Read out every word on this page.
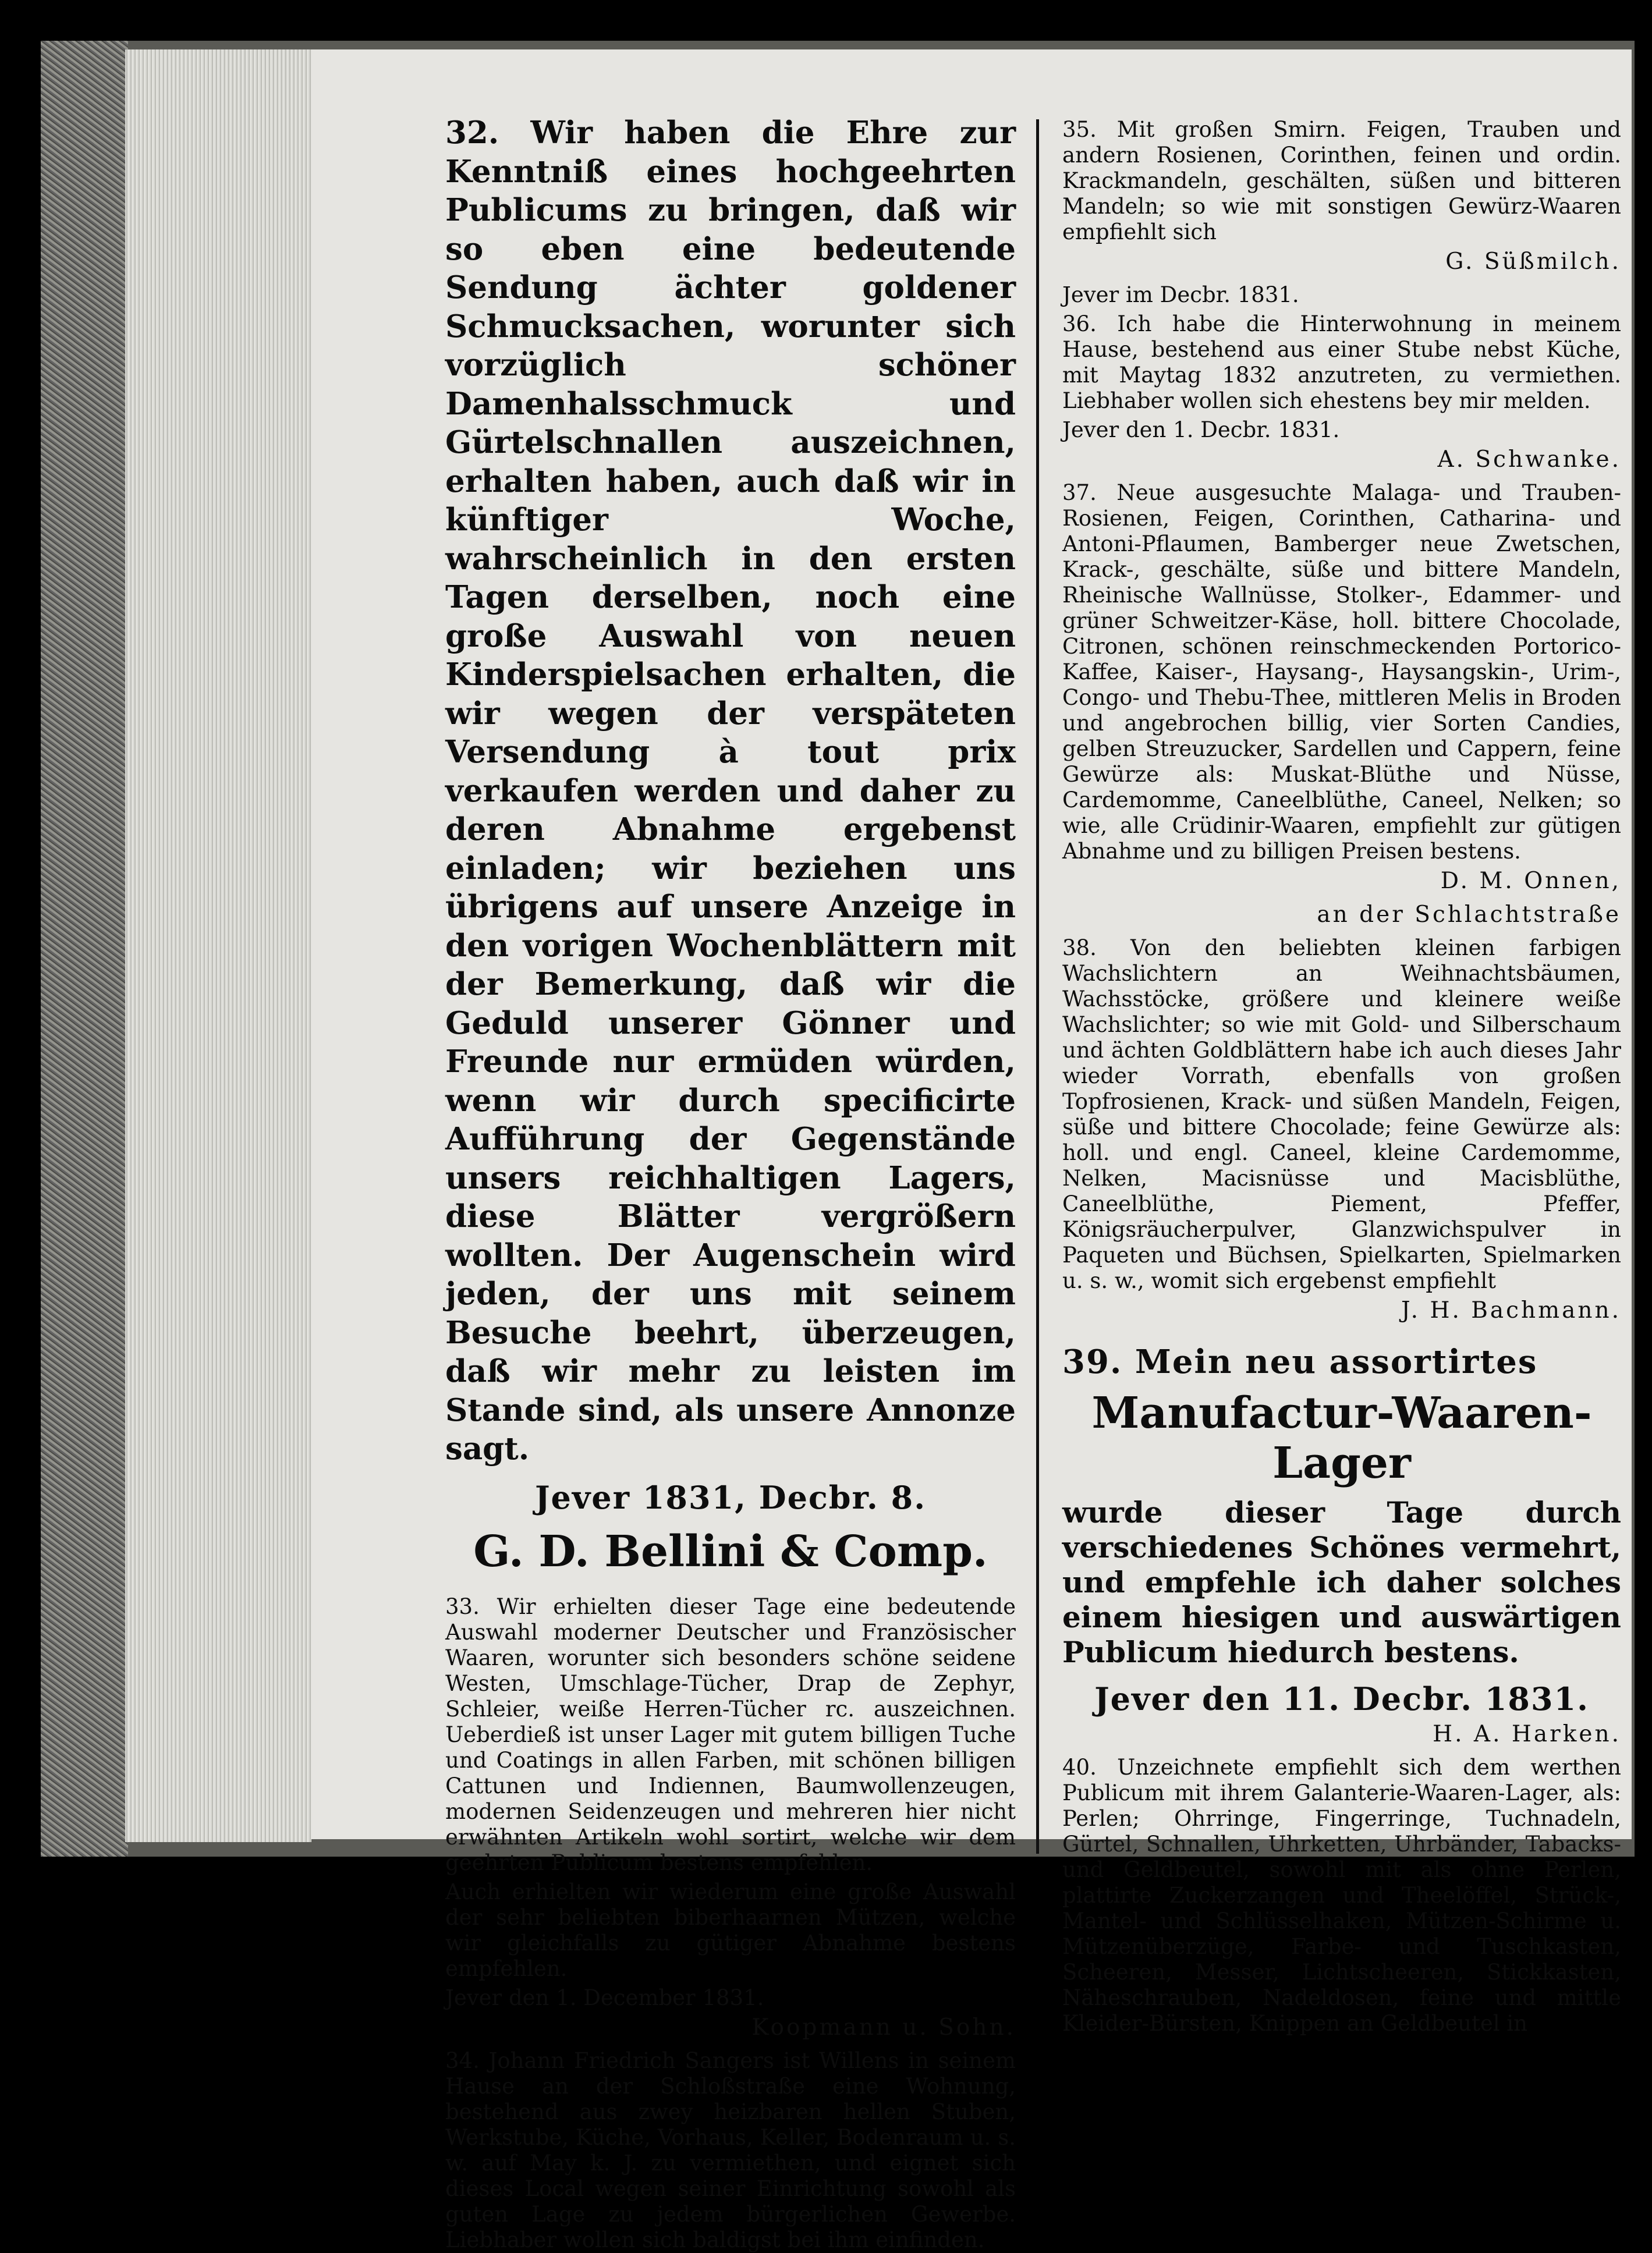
32. Wir haben die Ehre zur Kenntniß eines hochgeehrten Publicums zu bringen, daß wir so eben eine bedeutende Sendung ächter goldener Schmucksachen, worunter sich vorzüglich schöner Damenhalsschmuck und Gürtelschnallen auszeichnen, erhalten haben, auch daß wir in künftiger Woche, wahrscheinlich in den ersten Tagen derselben, noch eine große Auswahl von neuen Kinderspielsachen erhalten, die wir wegen der verspäteten Versendung à tout prix verkaufen werden und daher zu deren Abnahme ergebenst einladen; wir beziehen uns übrigens auf unsere Anzeige in den vorigen Wochenblättern mit der Bemerkung, daß wir die Geduld unserer Gönner und Freunde nur ermüden würden, wenn wir durch specificirte Aufführung der Gegenstände unsers reichhaltigen Lagers, diese Blätter vergrößern wollten. Der Augenschein wird jeden, der uns mit seinem Besuche beehrt, überzeugen, daß wir mehr zu leisten im Stande sind, als unsere Annonze sagt.

Jever 1831, Decbr. 8.

G. D. Bellini & Comp.

33. Wir erhielten dieser Tage eine bedeutende Auswahl moderner Deutscher und Französischer Waaren, worunter sich besonders schöne seidene Westen, Umschlage-Tücher, Drap de Zephyr, Schleier, weiße Herren-Tücher rc. auszeichnen. Ueberdieß ist unser Lager mit gutem billigen Tuche und Coatings in allen Farben, mit schönen billigen Cattunen und Indiennen, Baumwollenzeugen, modernen Seidenzeugen und mehreren hier nicht erwähnten Artikeln wohl sortirt, welche wir dem geehrten Publicum bestens empfehlen.

Auch erhielten wir wiederum eine große Auswahl der sehr beliebten biberhaarnen Mützen, welche wir gleichfalls zu gütiger Abnahme bestens empfehlen.

Jever den 1. December 1831.

Koopmann u. Sohn.

34. Johann Friedrich Sangers ist Willens in seinem Hause an der Schloßstraße eine Wohnung, bestehend aus zwey heizbaren hellen Stuben, Werkstube, Küche, Vorhaus, Keller, Bodenraum u. s. w. auf May k. J. zu vermiethen, und eignet sich dieses Local wegen seiner Einrichtung sowohl als guten Lage zu jedem bürgerlichen Gewerbe. Liebhaber wollen sich baldigst bei ihm einfinden.

35. Mit großen Smirn. Feigen, Trauben und andern Rosienen, Corinthen, feinen und ordin. Krackmandeln, geschälten, süßen und bitteren Mandeln; so wie mit sonstigen Gewürz-Waaren empfiehlt sich

G. Süßmilch.

Jever im Decbr. 1831.

36. Ich habe die Hinterwohnung in meinem Hause, bestehend aus einer Stube nebst Küche, mit Maytag 1832 anzutreten, zu vermiethen. Liebhaber wollen sich ehestens bey mir melden.

Jever den 1. Decbr. 1831.

A. Schwanke.

37. Neue ausgesuchte Malaga- und Trauben-Rosienen, Feigen, Corinthen, Catharina- und Antoni-Pflaumen, Bamberger neue Zwetschen, Krack-, geschälte, süße und bittere Mandeln, Rheinische Wallnüsse, Stolker-, Edammer- und grüner Schweitzer-Käse, holl. bittere Chocolade, Citronen, schönen reinschmeckenden Portorico-Kaffee, Kaiser-, Haysang-, Haysangskin-, Urim-, Congo- und Thebu-Thee, mittleren Melis in Broden und angebrochen billig, vier Sorten Candies, gelben Streuzucker, Sardellen und Cappern, feine Gewürze als: Muskat-Blüthe und Nüsse, Cardemomme, Caneelblüthe, Caneel, Nelken; so wie, alle Crüdinir-Waaren, empfiehlt zur gütigen Abnahme und zu billigen Preisen bestens.

D. M. Onnen,

an der Schlachtstraße

38. Von den beliebten kleinen farbigen Wachslichtern an Weihnachtsbäumen, Wachsstöcke, größere und kleinere weiße Wachslichter; so wie mit Gold- und Silberschaum und ächten Goldblättern habe ich auch dieses Jahr wieder Vorrath, ebenfalls von großen Topfrosienen, Krack- und süßen Mandeln, Feigen, süße und bittere Chocolade; feine Gewürze als: holl. und engl. Caneel, kleine Cardemomme, Nelken, Macisnüsse und Macisblüthe, Caneelblüthe, Piement, Pfeffer, Königsräucherpulver, Glanzwichspulver in Paqueten und Büchsen, Spielkarten, Spielmarken u. s. w., womit sich ergebenst empfiehlt

J. H. Bachmann.

39. Mein neu assortirtes

Manufactur-Waaren-Lager

wurde dieser Tage durch verschiedenes Schönes vermehrt, und empfehle ich daher solches einem hiesigen und auswärtigen Publicum hiedurch bestens.

Jever den 11. Decbr. 1831.

H. A. Harken.

40. Unzeichnete empfiehlt sich dem werthen Publicum mit ihrem Galanterie-Waaren-Lager, als: Perlen; Ohrringe, Fingerringe, Tuchnadeln, Gürtel, Schnallen, Uhrketten, Uhrbänder, Tabacks- und Geldbeutel, sowohl mit als ohne Perlen, plattirte Zuckerzangen und Theelöffel, Strück-, Mantel- und Schlüsselhaken, Mützen-Schirme u. Mützenüberzüge, Farbe- und Tuschkasten, Scheeren, Messer, Lichtscheeren, Stickkasten, Näheschrauben, Nadeldosen, feine und mittle Kleider-Bürsten, Knippen an Geldbeutel in
